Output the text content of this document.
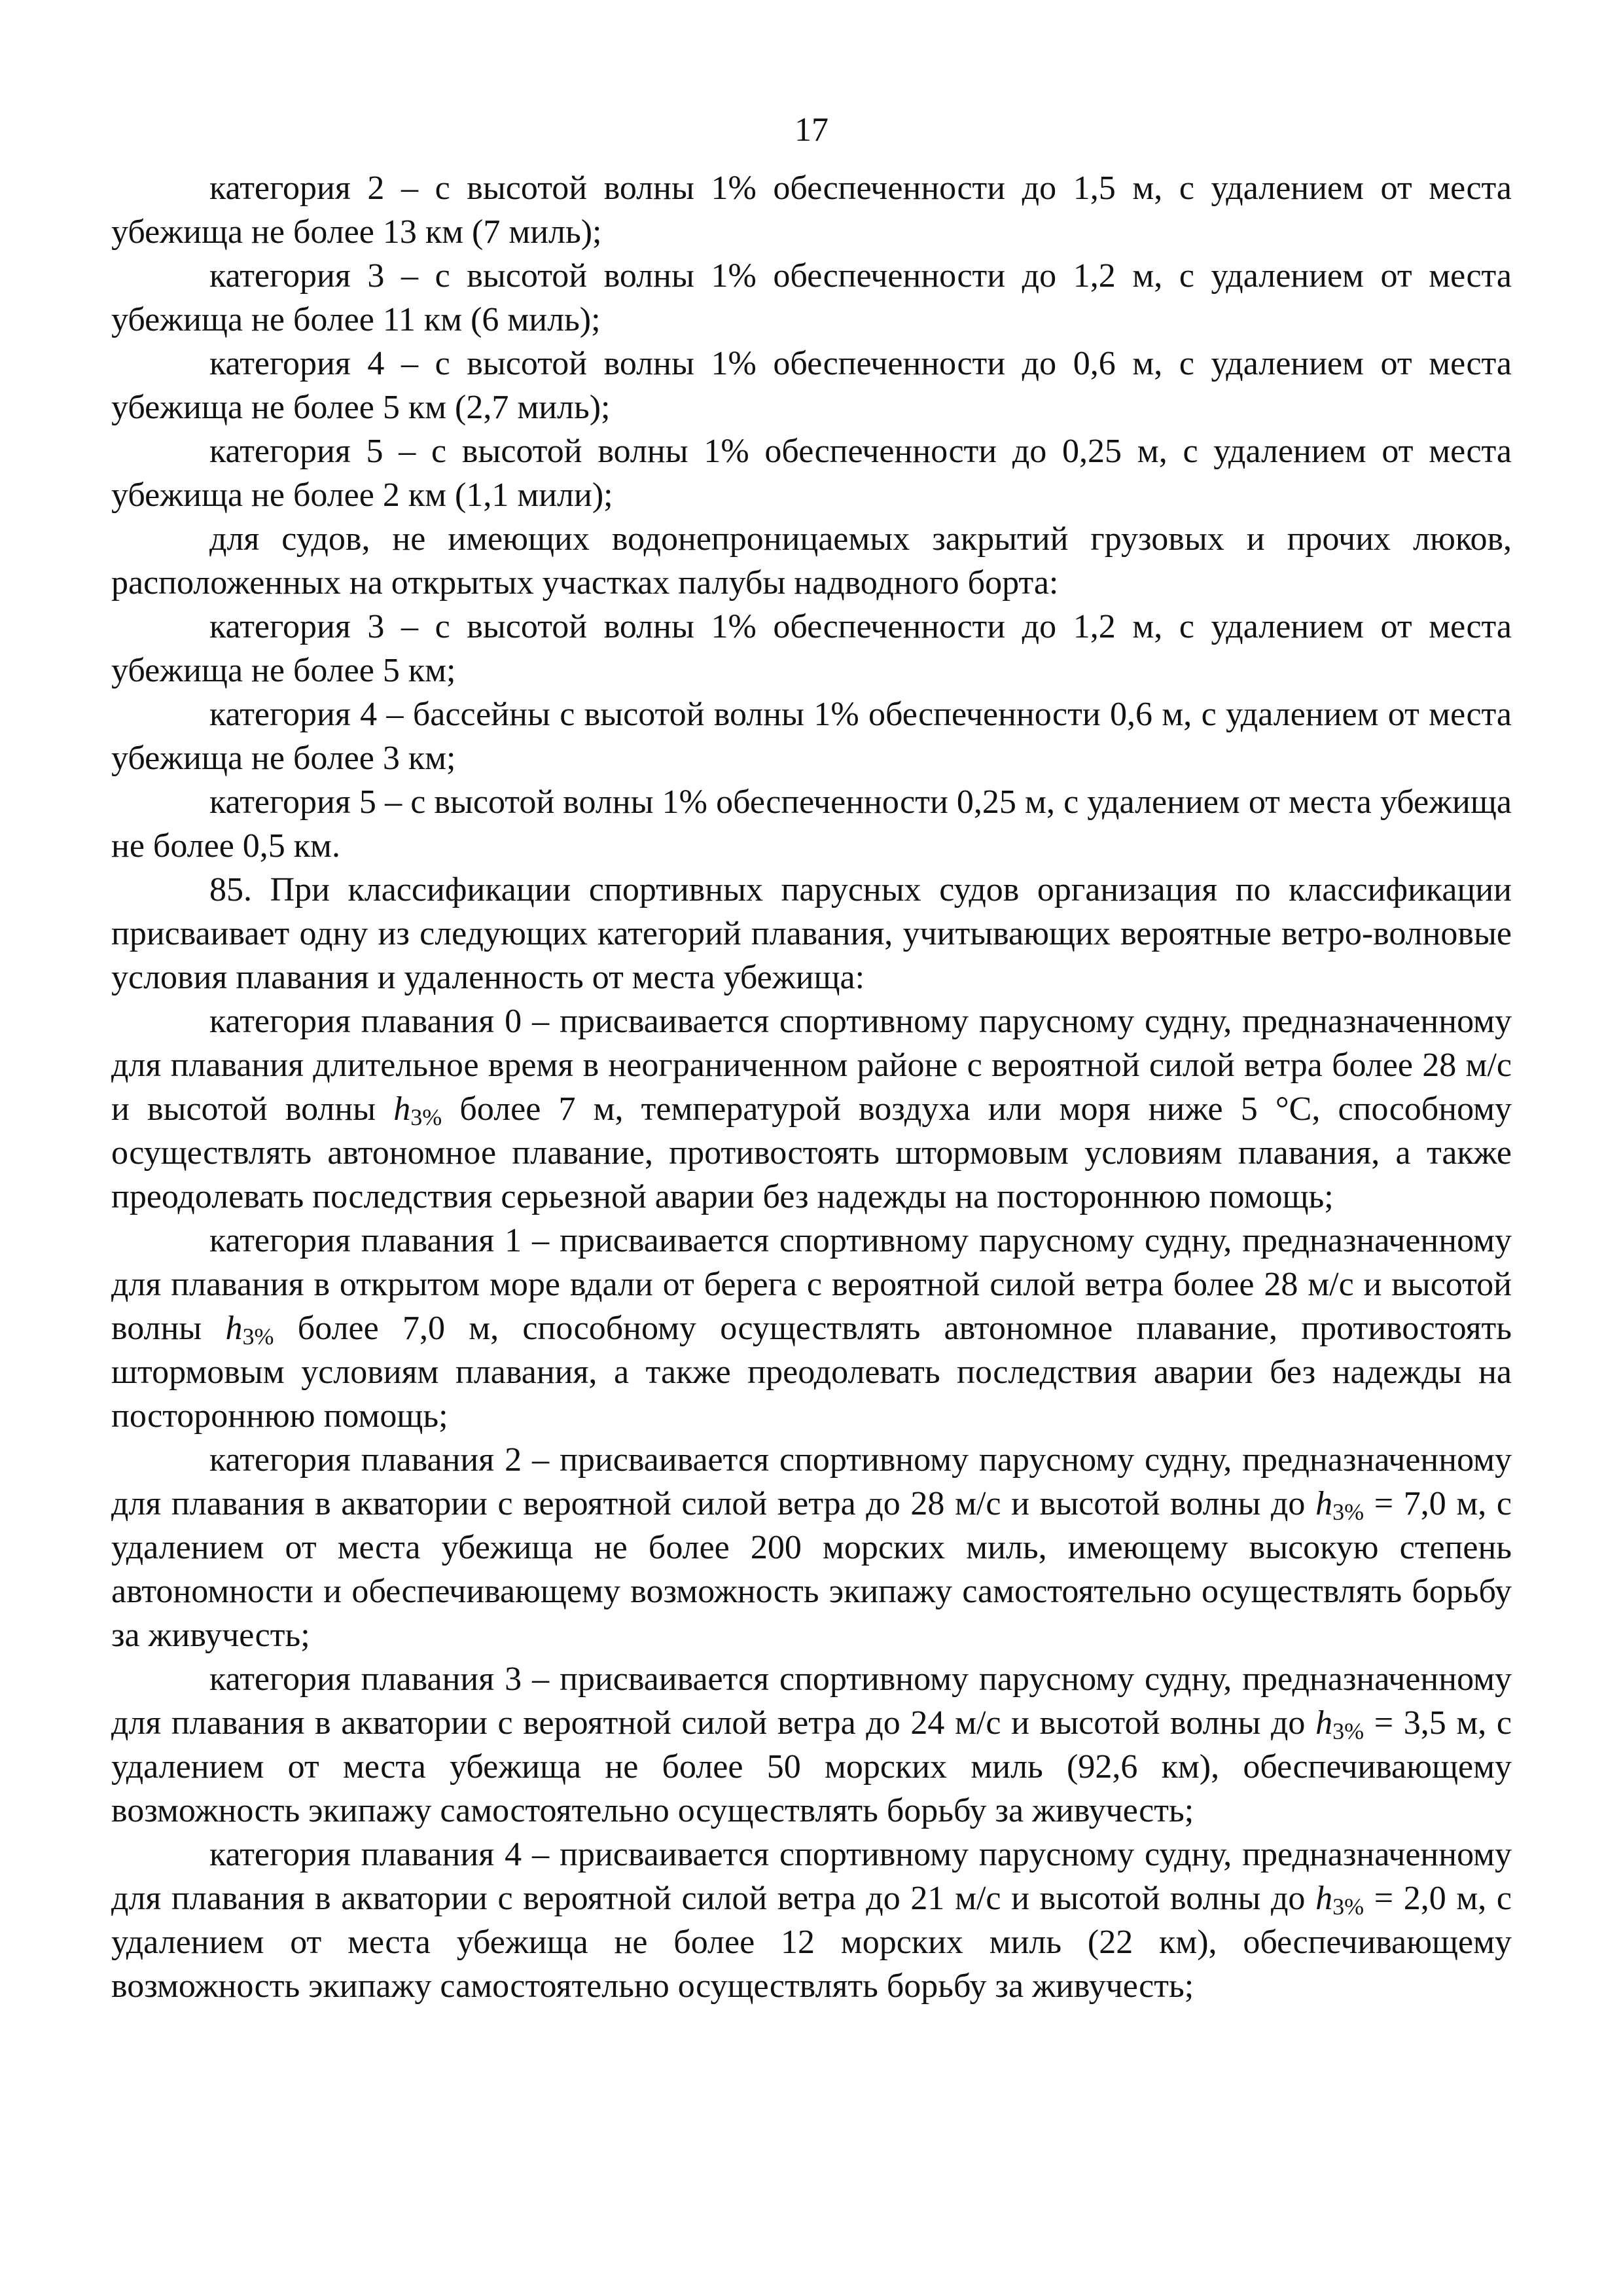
17

категория 2 – с высотой волны 1% обеспеченности до 1,5 м, с удалением от места убежища не более 13 км (7 миль);

категория 3 – с высотой волны 1% обеспеченности до 1,2 м, с удалением от места убежища не более 11 км (6 миль);

категория 4 – с высотой волны 1% обеспеченности до 0,6 м, с удалением от места убежища не более 5 км (2,7 миль);

категория 5 – с высотой волны 1% обеспеченности до 0,25 м, с удалением от места убежища не более 2 км (1,1 мили);

для судов, не имеющих водонепроницаемых закрытий грузовых и прочих люков, расположенных на открытых участках палубы надводного борта:

категория 3 – с высотой волны 1% обеспеченности до 1,2 м, с удалением от места убежища не более 5 км;

категория 4 – бассейны с высотой волны 1% обеспеченности 0,6 м, с удалением от места убежища не более 3 км;

категория 5 – с высотой волны 1% обеспеченности 0,25 м, с удалением от места убежища не более 0,5 км.

85. При классификации спортивных парусных судов организация по классификации присваивает одну из следующих категорий плавания, учитывающих вероятные ветро-волновые условия плавания и удаленность от места убежища:

категория плавания 0 – присваивается спортивному парусному судну, предназначенному для плавания длительное время в неограниченном районе с вероятной силой ветра более 28 м/с и высотой волны $h_{3\%}$ более 7 м, температурой воздуха или моря ниже 5 °С, способному осуществлять автономное плавание, противостоять штормовым условиям плавания, а также преодолевать последствия серьезной аварии без надежды на постороннюю помощь;

категория плавания 1 – присваивается спортивному парусному судну, предназначенному для плавания в открытом море вдали от берега с вероятной силой ветра более 28 м/с и высотой волны $h_{3\%}$ более 7,0 м, способному осуществлять автономное плавание, противостоять штормовым условиям плавания, а также преодолевать последствия аварии без надежды на постороннюю помощь;

категория плавания 2 – присваивается спортивному парусному судну, предназначенному для плавания в акватории с вероятной силой ветра до 28 м/с и высотой волны до $h_{3\%} = 7,0$ м, с удалением от места убежища не более 200 морских миль, имеющему высокую степень автономности и обеспечивающему возможность экипажу самостоятельно осуществлять борьбу за живучесть;

категория плавания 3 – присваивается спортивному парусному судну, предназначенному для плавания в акватории с вероятной силой ветра до 24 м/с и высотой волны до $h_{3\%} = 3,5$ м, с удалением от места убежища не более 50 морских миль (92,6 км), обеспечивающему возможность экипажу самостоятельно осуществлять борьбу за живучесть;

категория плавания 4 – присваивается спортивному парусному судну, предназначенному для плавания в акватории с вероятной силой ветра до 21 м/с и высотой волны до $h_{3\%} = 2,0$ м, с удалением от места убежища не более 12 морских миль (22 км), обеспечивающему возможность экипажу самостоятельно осуществлять борьбу за живучесть;
